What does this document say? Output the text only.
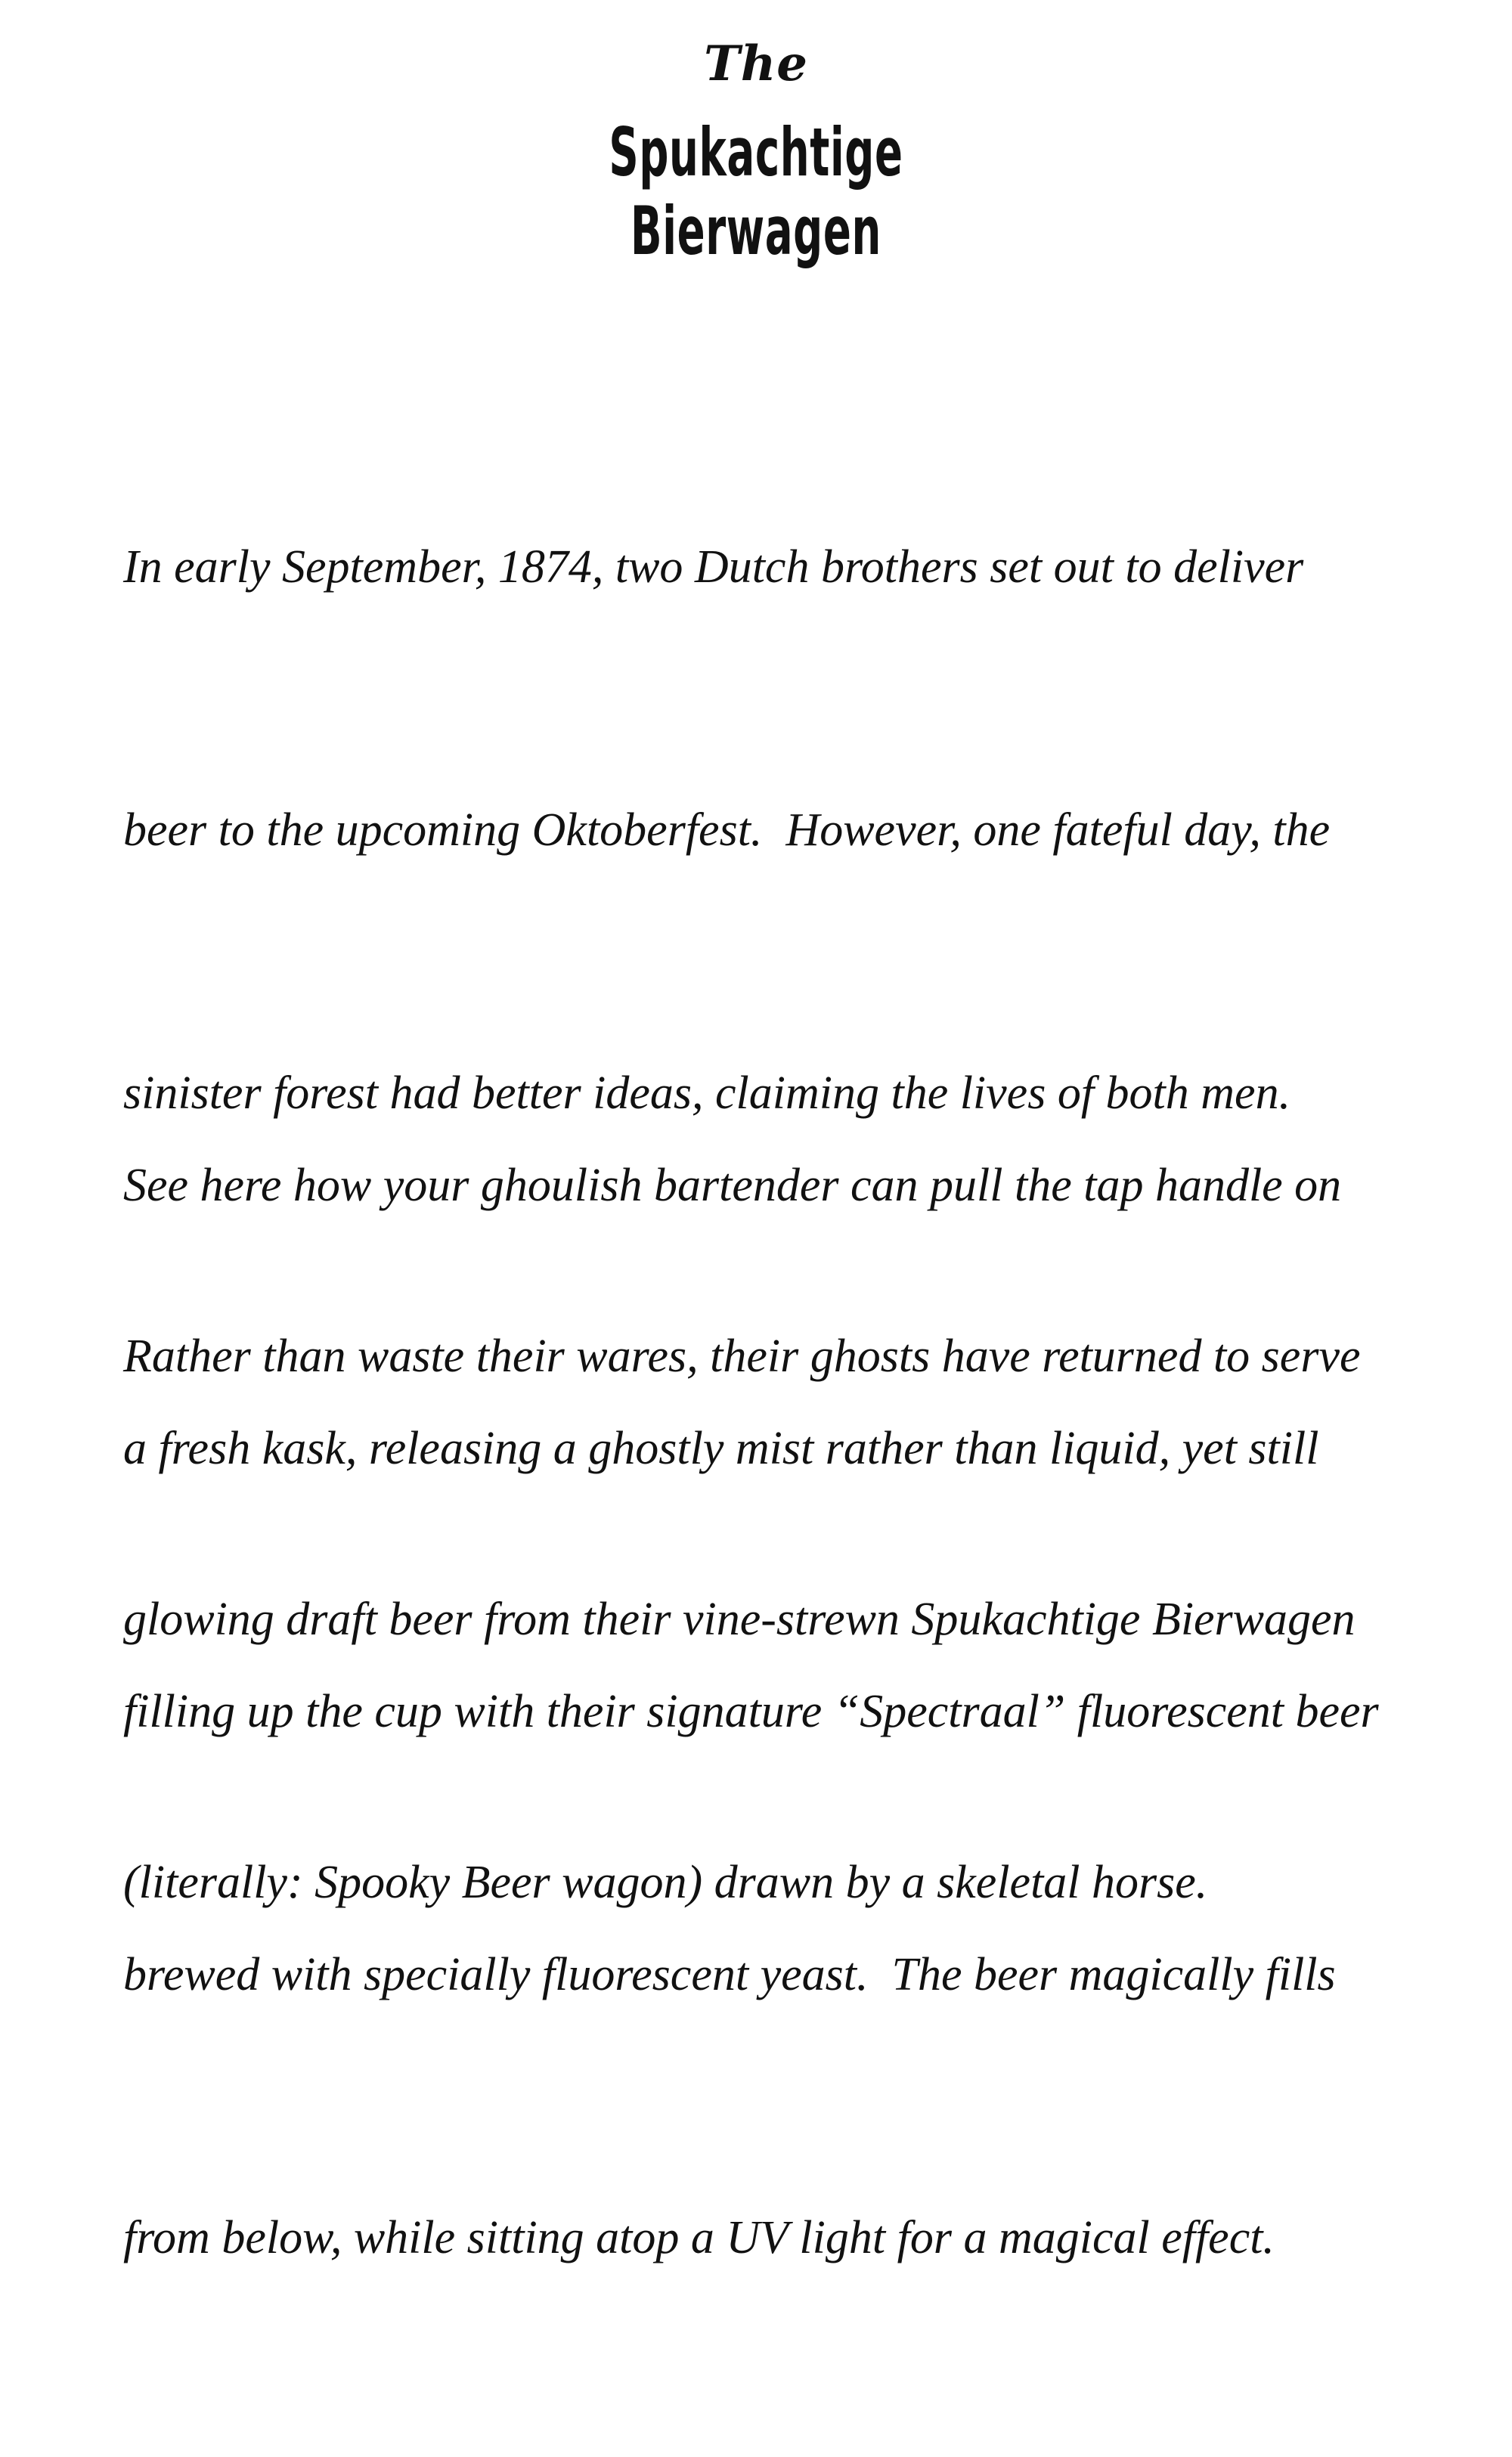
The
Spukachtige
Bierwagen

In early September, 1874, two Dutch brothers set out to deliver

beer to the upcoming Oktoberfest.  However, one fateful day, the

sinister forest had better ideas, claiming the lives of both men.

Rather than waste their wares, their ghosts have returned to serve

glowing draft beer from their vine-strewn Spukachtige Bierwagen

(literally: Spooky Beer wagon) drawn by a skeletal horse.

See here how your ghoulish bartender can pull the tap handle on

a fresh kask, releasing a ghostly mist rather than liquid, yet still

filling up the cup with their signature “Spectraal” fluorescent beer

brewed with specially fluorescent yeast.  The beer magically fills

from below, while sitting atop a UV light for a magical effect.
